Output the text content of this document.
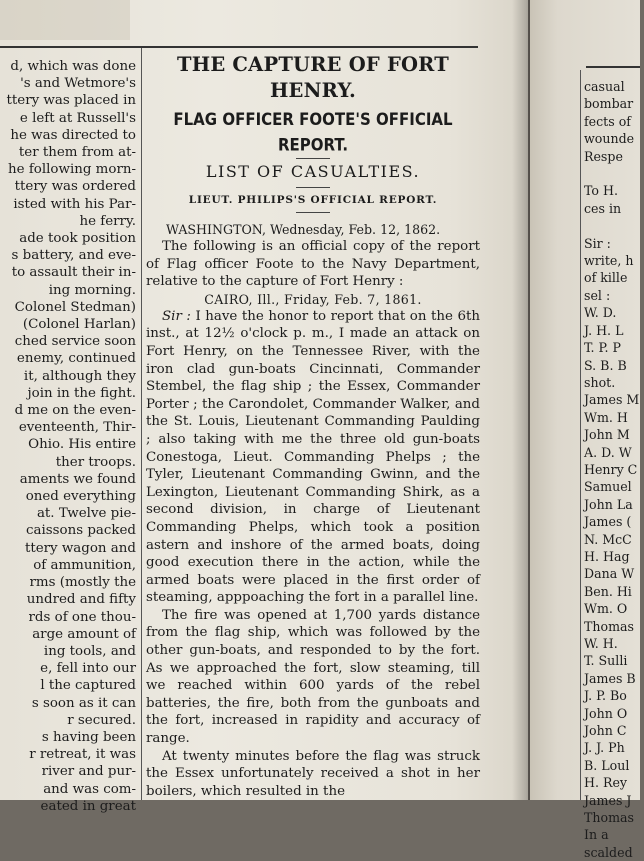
d, which was done
's and Wetmore's
ttery was placed in
e left at Russell's
he was directed to
ter them from at-
he following morn-
ttery was ordered
isted with his Par-
he ferry.
ade took position
s battery, and eve-
to assault their in-
ing morning.
Colonel Stedman)
(Colonel Harlan)
ched service soon
enemy, continued
it, although they
join in the fight.
d me on the even-
eventeenth, Thir-
Ohio. His entire
ther troops.
aments we found
oned everything
at. Twelve pie-
caissons packed
ttery wagon and
of ammunition,
rms (mostly the
undred and fifty
rds of one thou-
arge amount of
ing tools, and
e, fell into our
l the captured
s soon as it can
r secured.
s having been
r retreat, it was
river and pur-
and was com-
eated in great
THE CAPTURE OF FORT HENRY.
FLAG OFFICER FOOTE'S OFFICIAL REPORT.
LIST OF CASUALTIES.
LIEUT. PHILIPS'S OFFICIAL REPORT.
WASHINGTON, Wednesday, Feb. 12, 1862.

The following is an official copy of the report of Flag officer Foote to the Navy Department, relative to the capture of Fort Henry :

CAIRO, Ill., Friday, Feb. 7, 1861.

Sir : I have the honor to report that on the 6th inst., at 12½ o'clock p. m., I made an attack on Fort Henry, on the Tennessee River, with the iron clad gun-boats Cincinnati, Commander Stembel, the flag ship ; the Essex, Commander Porter ; the Carondolet, Commander Walker, and the St. Louis, Lieutenant Commanding Paulding ; also taking with me the three old gun-boats Conestoga, Lieut. Commanding Phelps ; the Tyler, Lieutenant Commanding Gwinn, and the Lexington, Lieutenant Commanding Shirk, as a second division, in charge of Lieutenant Commanding Phelps, which took a position astern and inshore of the armed boats, doing good execution there in the action, while the armed boats were placed in the first order of steaming, apppoaching the fort in a parallel line.

The fire was opened at 1,700 yards distance from the flag ship, which was followed by the other gun-boats, and responded to by the fort. As we approached the fort, slow steaming, till we reached within 600 yards of the rebel batteries, the fire, both from the gunboats and the fort, increased in rapidity and accuracy of range.

At twenty minutes before the flag was struck the Essex unfortunately received a shot in her boilers, which resulted in the

casual
bombar
fects of
wounde
Respe

To H.
ces in

Sir :
write, h
of kille
sel :
W. D.
J. H. L
T. P. P
S. B. B
shot.
James M
Wm. H
John M
A. D. W
Henry C
Samuel
John La
James (
N. McC
H. Hag
Dana W
Ben. Hi
Wm. O
Thomas
W. H.
T. Sulli
James B
J. P. Bo
John O
John C
J. J. Ph
B. Loul
H. Rey
James J
Thomas
In a
scalded
